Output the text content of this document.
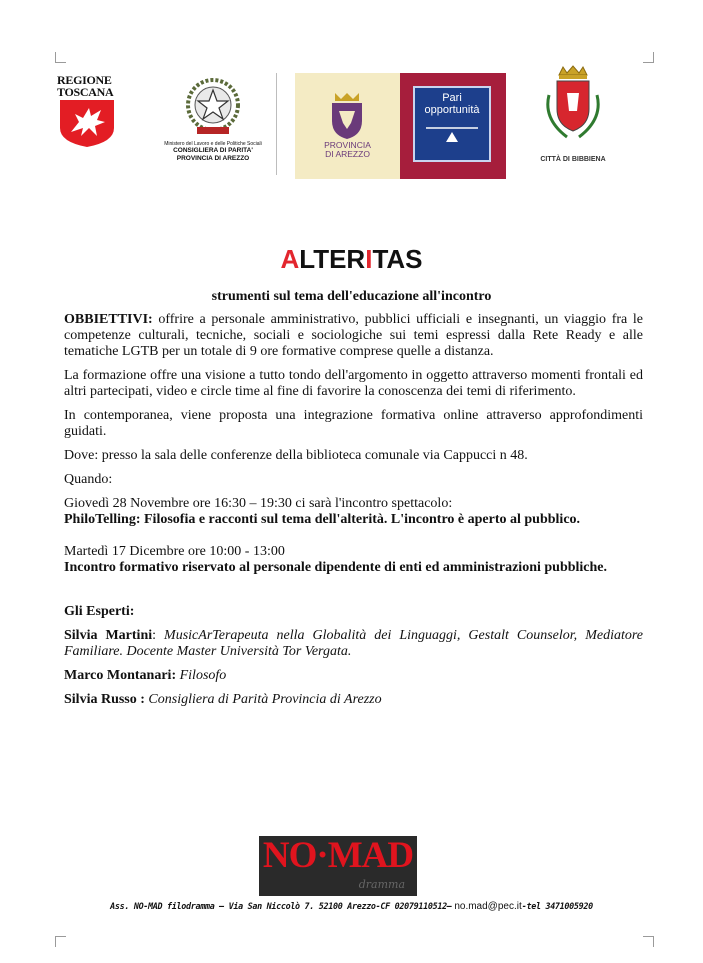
REGIONE
TOSCANA
Ministero del Lavoro e delle Politiche Sociali
CONSIGLIERA DI PARITA'
PROVINCIA DI AREZZO
PROVINCIA
DI AREZZO
Pari
opportunità
CITTÀ DI BIBBIENA
ALTERITAS
strumenti sul tema dell'educazione all'incontro

OBBIETTIVI: offrire a personale amministrativo, pubblici ufficiali e insegnanti, un viaggio fra le competenze culturali, tecniche, sociali e sociologiche sui temi espressi dalla Rete Ready e alle tematiche LGTB per un totale di 9 ore formative comprese quelle a distanza.

La formazione offre una visione a tutto tondo dell'argomento in oggetto attraverso momenti frontali ed altri partecipati, video e circle time al fine di favorire la conoscenza dei temi di riferimento.

In contemporanea, viene proposta una integrazione formativa online attraverso approfondimenti guidati.

Dove: presso la sala delle conferenze della biblioteca comunale via Cappucci n 48.

Quando:

Giovedì 28 Novembre ore 16:30 – 19:30 ci sarà l'incontro spettacolo:

PhiloTelling: Filosofia e racconti sul tema dell'alterità. L'incontro è aperto al pubblico.

Martedì 17 Dicembre ore 10:00 - 13:00

Incontro formativo riservato al personale dipendente di enti ed amministrazioni pubbliche.

Gli Esperti:

Silvia Martini: MusicArTerapeuta nella Globalità dei Linguaggi, Gestalt Counselor, Mediatore Familiare. Docente Master Università Tor Vergata.

Marco Montanari: Filosofo

Silvia Russo : Consigliera di Parità Provincia di Arezzo

NO·MAD
dramma
Ass. NO-MAD filodramma – Via San Niccolò 7. 52100 Arezzo-CF 02079110512– no.mad@pec.it-tel 3471005920
